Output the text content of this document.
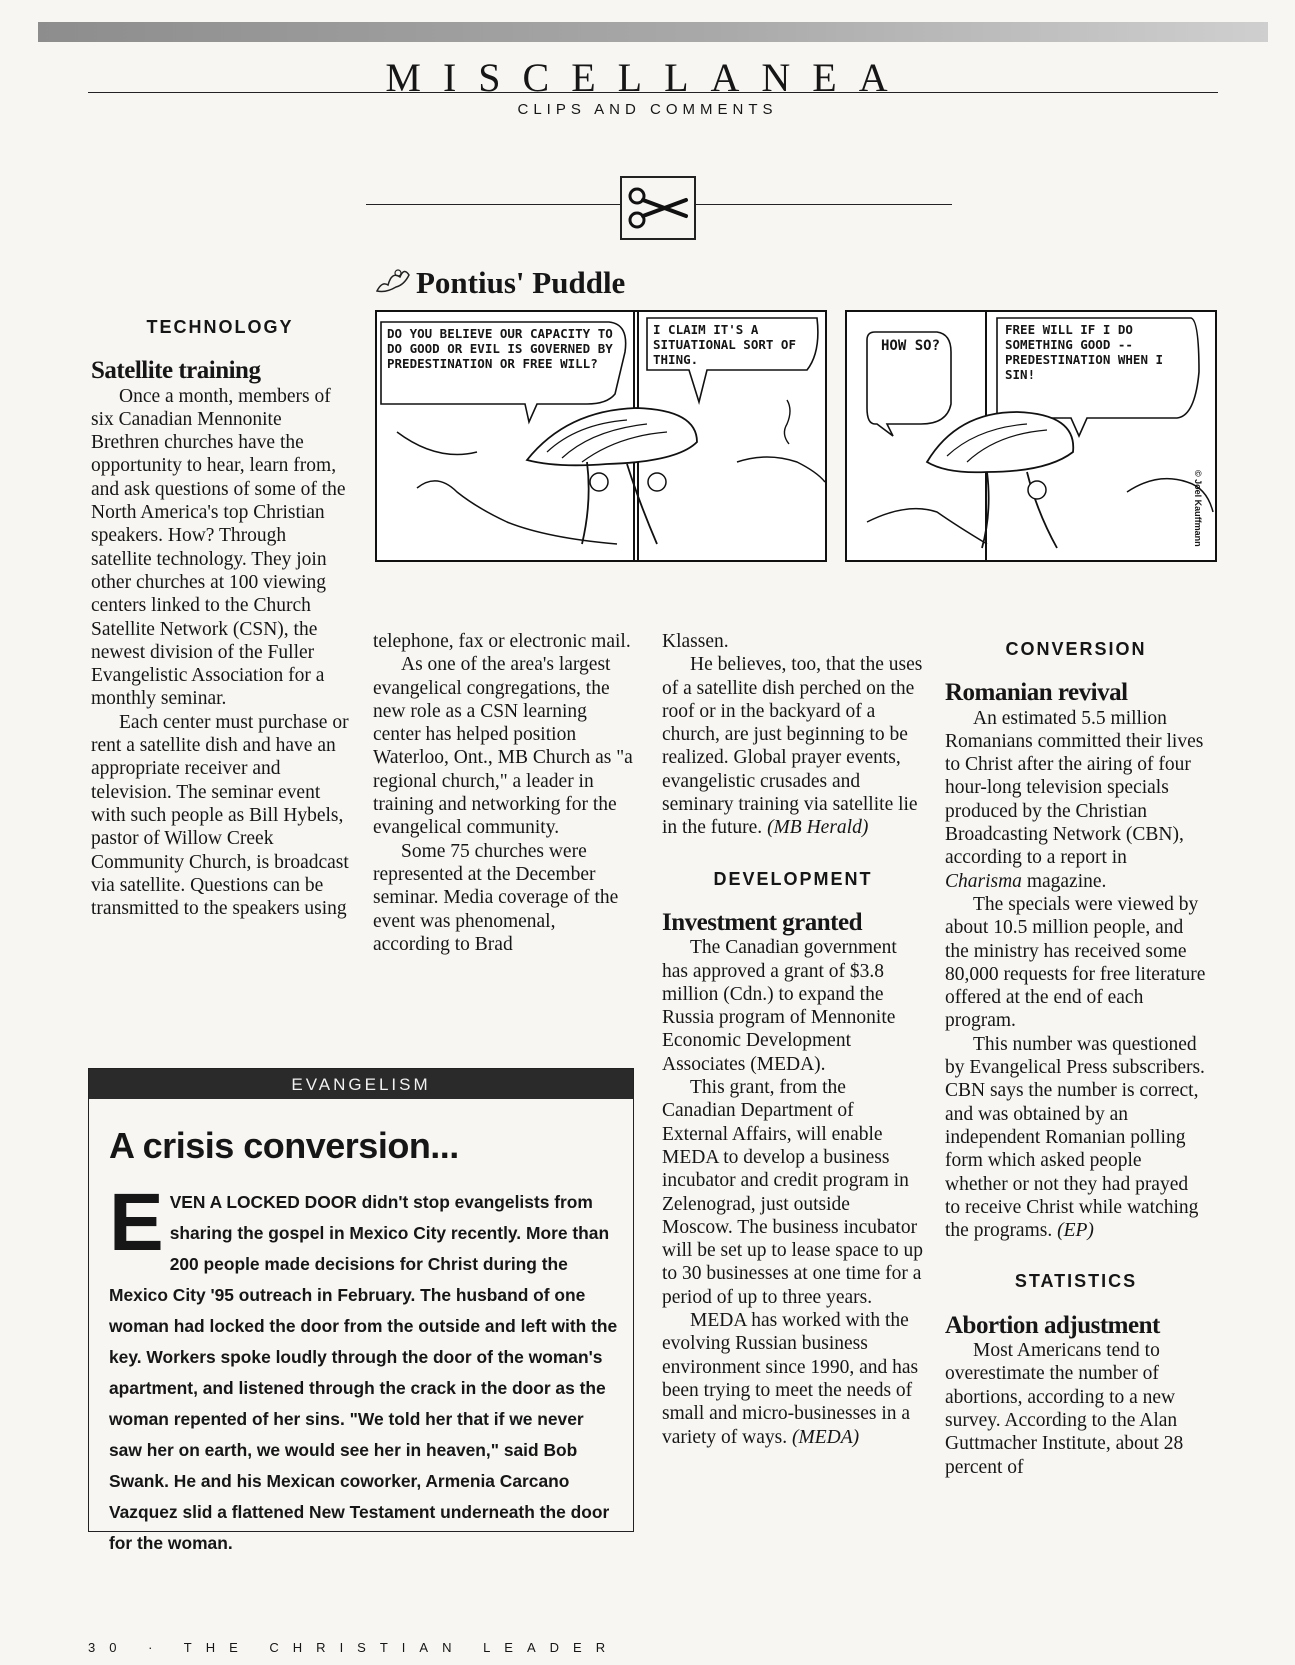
MISCELLANEA
CLIPS AND COMMENTS
Pontius' Puddle
DO YOU BELIEVE OUR CAPACITY TO DO GOOD OR EVIL IS GOVERNED BY PREDESTINATION OR FREE WILL?
I CLAIM IT'S A SITUATIONAL SORT OF THING.
HOW SO?
FREE WILL IF I DO SOMETHING GOOD -- PREDESTINATION WHEN I SIN!
© Joel Kauffmann

TECHNOLOGY

Satellite training

Once a month, members of six Canadian Mennonite Brethren churches have the opportunity to hear, learn from, and ask questions of some of the North America's top Christian speakers. How? Through satellite technology. They join other churches at 100 viewing centers linked to the Church Satellite Network (CSN), the newest division of the Fuller Evangelistic Association for a monthly seminar.

Each center must purchase or rent a satellite dish and have an appropriate receiver and television. The seminar event with such people as Bill Hybels, pastor of Willow Creek Community Church, is broadcast via satellite. Questions can be transmitted to the speakers using

telephone, fax or electronic mail.

As one of the area's largest evangelical congregations, the new role as a CSN learning center has helped position Waterloo, Ont., MB Church as "a regional church," a leader in training and networking for the evangelical community.

Some 75 churches were represented at the December seminar. Media coverage of the event was phenomenal, according to Brad

Klassen.

He believes, too, that the uses of a satellite dish perched on the roof or in the backyard of a church, are just beginning to be realized. Global prayer events, evangelistic crusades and seminary training via satellite lie in the future. (MB Herald)

DEVELOPMENT

Investment granted

The Canadian government has approved a grant of $3.8 million (Cdn.) to expand the Russia program of Mennonite Economic Development Associates (MEDA).

This grant, from the Canadian Department of External Affairs, will enable MEDA to develop a business incubator and credit program in Zelenograd, just outside Moscow. The business incubator will be set up to lease space to up to 30 businesses at one time for a period of up to three years.

MEDA has worked with the evolving Russian business environment since 1990, and has been trying to meet the needs of small and micro-businesses in a variety of ways. (MEDA)

CONVERSION

Romanian revival

An estimated 5.5 million Romanians committed their lives to Christ after the airing of four hour-long television specials produced by the Christian Broadcasting Network (CBN), according to a report in Charisma magazine.

The specials were viewed by about 10.5 million people, and the ministry has received some 80,000 requests for free literature offered at the end of each program.

This number was questioned by Evangelical Press subscribers. CBN says the number is correct, and was obtained by an independent Romanian polling form which asked people whether or not they had prayed to receive Christ while watching the programs. (EP)

STATISTICS

Abortion adjustment

Most Americans tend to overestimate the number of abortions, according to a new survey. According to the Alan Guttmacher Institute, about 28 percent of

EVANGELISM
A crisis conversion...
EVEN A LOCKED DOOR didn't stop evangelists from sharing the gospel in Mexico City recently. More than 200 people made decisions for Christ during the Mexico City '95 outreach in February. The husband of one woman had locked the door from the outside and left with the key. Workers spoke loudly through the door of the woman's apartment, and listened through the crack in the door as the woman repented of her sins. "We told her that if we never saw her on earth, we would see her in heaven," said Bob Swank. He and his Mexican coworker, Armenia Carcano Vazquez slid a flattened New Testament underneath the door for the woman.
30 · THE CHRISTIAN LEADER
